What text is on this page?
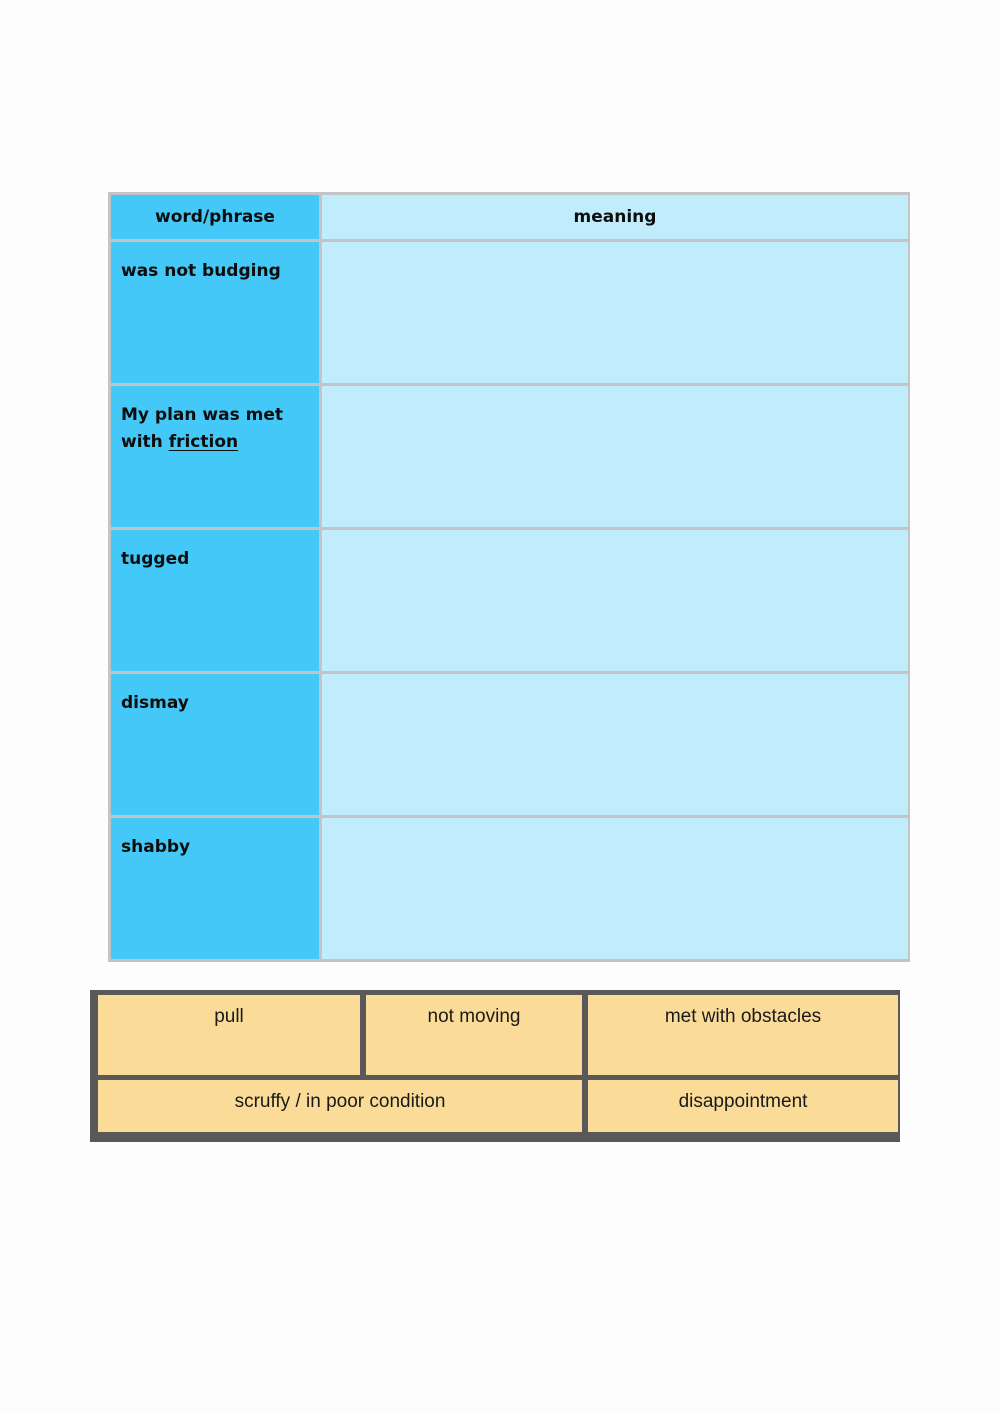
word/phrase	meaning
was not budging
My plan was met with friction
tugged
dismay
shabby
pull	not moving	met with obstacles
scruffy / in poor condition	disappointment
